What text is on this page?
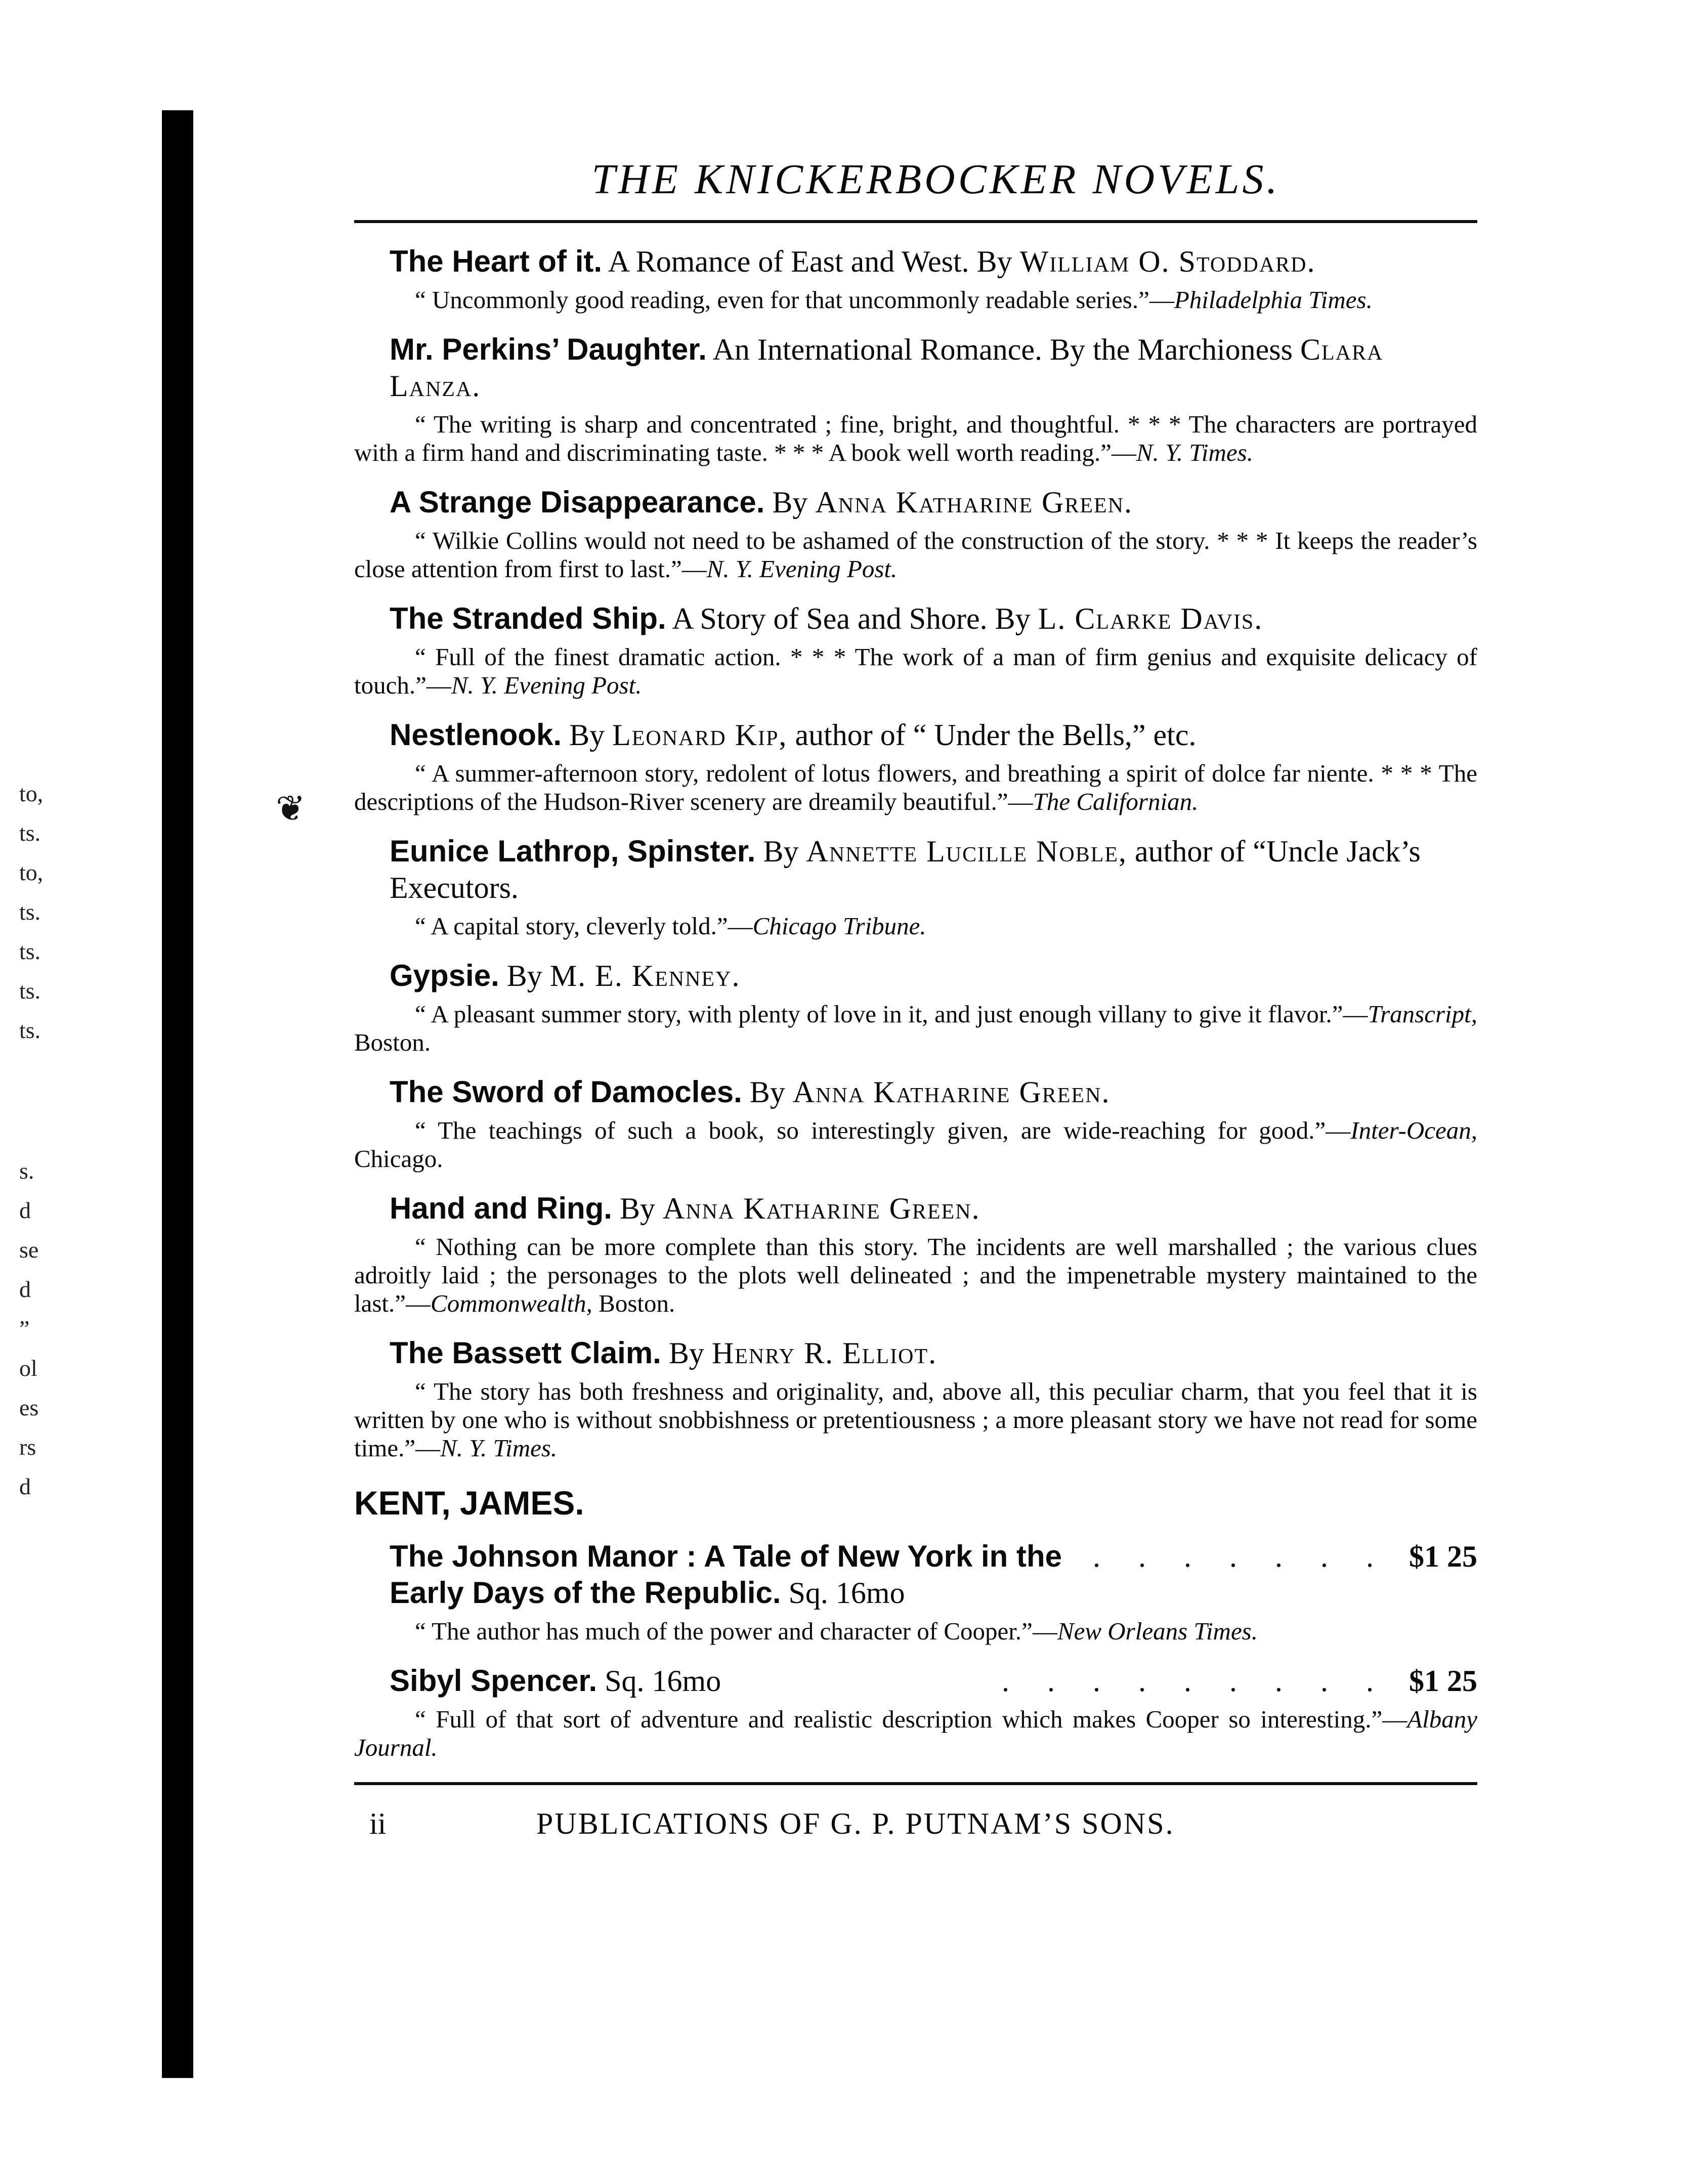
to,
ts.
to,
ts.
ts.
ts.
ts.
s.
d
se
d
”
ol
es
rs
d
❦
THE KNICKERBOCKER NOVELS.
The Heart of it. A Romance of East and West. By William O. Stoddard.
“ Uncommonly good reading, even for that uncommonly readable series.”—Philadelphia Times.
Mr. Perkins’ Daughter. An International Romance. By the Marchioness Clara Lanza.
“ The writing is sharp and concentrated ; fine, bright, and thoughtful. * * * The characters are portrayed with a firm hand and discriminating taste. * * * A book well worth reading.”—N. Y. Times.
A Strange Disappearance. By Anna Katharine Green.
“ Wilkie Collins would not need to be ashamed of the construction of the story. * * * It keeps the reader’s close attention from first to last.”—N. Y. Evening Post.
The Stranded Ship. A Story of Sea and Shore. By L. Clarke Davis.
“ Full of the finest dramatic action. * * * The work of a man of firm genius and exquisite delicacy of touch.”—N. Y. Evening Post.
Nestlenook. By Leonard Kip, author of “ Under the Bells,” etc.
“ A summer-afternoon story, redolent of lotus flowers, and breathing a spirit of dolce far niente. * * * The descriptions of the Hudson-River scenery are dreamily beautiful.”—The Californian.
Eunice Lathrop, Spinster. By Annette Lucille Noble, author of “Uncle Jack’s Executors.
“ A capital story, cleverly told.”—Chicago Tribune.
Gypsie. By M. E. Kenney.
“ A pleasant summer story, with plenty of love in it, and just enough villany to give it flavor.”—Transcript, Boston.
The Sword of Damocles. By Anna Katharine Green.
“ The teachings of such a book, so interestingly given, are wide-reaching for good.”—Inter-Ocean, Chicago.
Hand and Ring. By Anna Katharine Green.
“ Nothing can be more complete than this story. The incidents are well marshalled ; the various clues adroitly laid ; the personages to the plots well delineated ; and the impenetrable mystery maintained to the last.”—Commonwealth, Boston.
The Bassett Claim. By Henry R. Elliot.
“ The story has both freshness and originality, and, above all, this peculiar charm, that you feel that it is written by one who is without snobbishness or pretentiousness ; a more pleasant story we have not read for some time.”—N. Y. Times.
KENT, JAMES.
The Johnson Manor : A Tale of New York in the Early Days of the Republic. Sq. 16mo
. . . . . . . $1 25
“ The author has much of the power and character of Cooper.”—New Orleans Times.
Sibyl Spencer. Sq. 16mo	. . . . . . . . . $1 25
“ Full of that sort of adventure and realistic description which makes Cooper so interesting.”—Albany Journal.
ii	PUBLICATIONS OF G. P. PUTNAM’S SONS.
